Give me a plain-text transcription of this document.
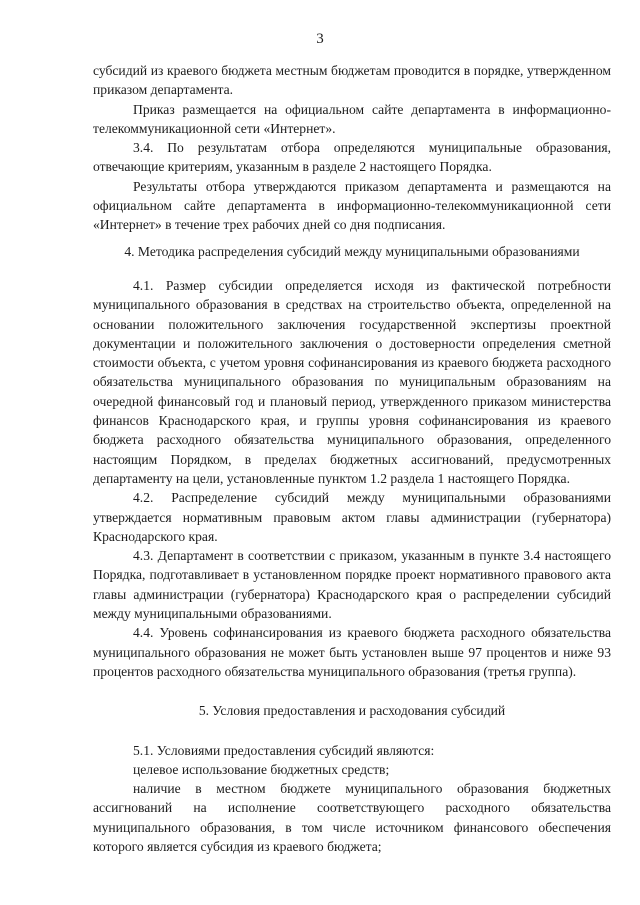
3

субсидий из краевого бюджета местным бюджетам проводится в порядке, утвержденном приказом департамента.

Приказ размещается на официальном сайте департамента в информационно-телекоммуникационной сети «Интернет».

3.4. По результатам отбора определяются муниципальные образования, отвечающие критериям, указанным в разделе 2 настоящего Порядка.

Результаты отбора утверждаются приказом департамента и размещаются на официальном сайте департамента в информационно-телекоммуникационной сети «Интернет» в течение трех рабочих дней со дня подписания.

4. Методика распределения субсидий между муниципальными образованиями

4.1. Размер субсидии определяется исходя из фактической потребности муниципального образования в средствах на строительство объекта, определенной на основании положительного заключения государственной экспертизы проектной документации и положительного заключения о достоверности определения сметной стоимости объекта, с учетом уровня софинансирования из краевого бюджета расходного обязательства муниципального образования по муниципальным образованиям на очередной финансовый год и плановый период, утвержденного приказом министерства финансов Краснодарского края, и группы уровня софинансирования из краевого бюджета расходного обязательства муниципального образования, определенного настоящим Порядком, в пределах бюджетных ассигнований, предусмотренных департаменту на цели, установленные пунктом 1.2 раздела 1 настоящего Порядка.

4.2. Распределение субсидий между муниципальными образованиями утверждается нормативным правовым актом главы администрации (губернатора) Краснодарского края.

4.3. Департамент в соответствии с приказом, указанным в пункте 3.4 настоящего Порядка, подготавливает в установленном порядке проект нормативного правового акта главы администрации (губернатора) Краснодарского края о распределении субсидий между муниципальными образованиями.

4.4. Уровень софинансирования из краевого бюджета расходного обязательства муниципального образования не может быть установлен выше 97 процентов и ниже 93 процентов расходного обязательства муниципального образования (третья группа).

5. Условия предоставления и расходования субсидий

5.1. Условиями предоставления субсидий являются:

целевое использование бюджетных средств;

наличие в местном бюджете муниципального образования бюджетных ассигнований на исполнение соответствующего расходного обязательства муниципального образования, в том числе источником финансового обеспечения которого является субсидия из краевого бюджета;
